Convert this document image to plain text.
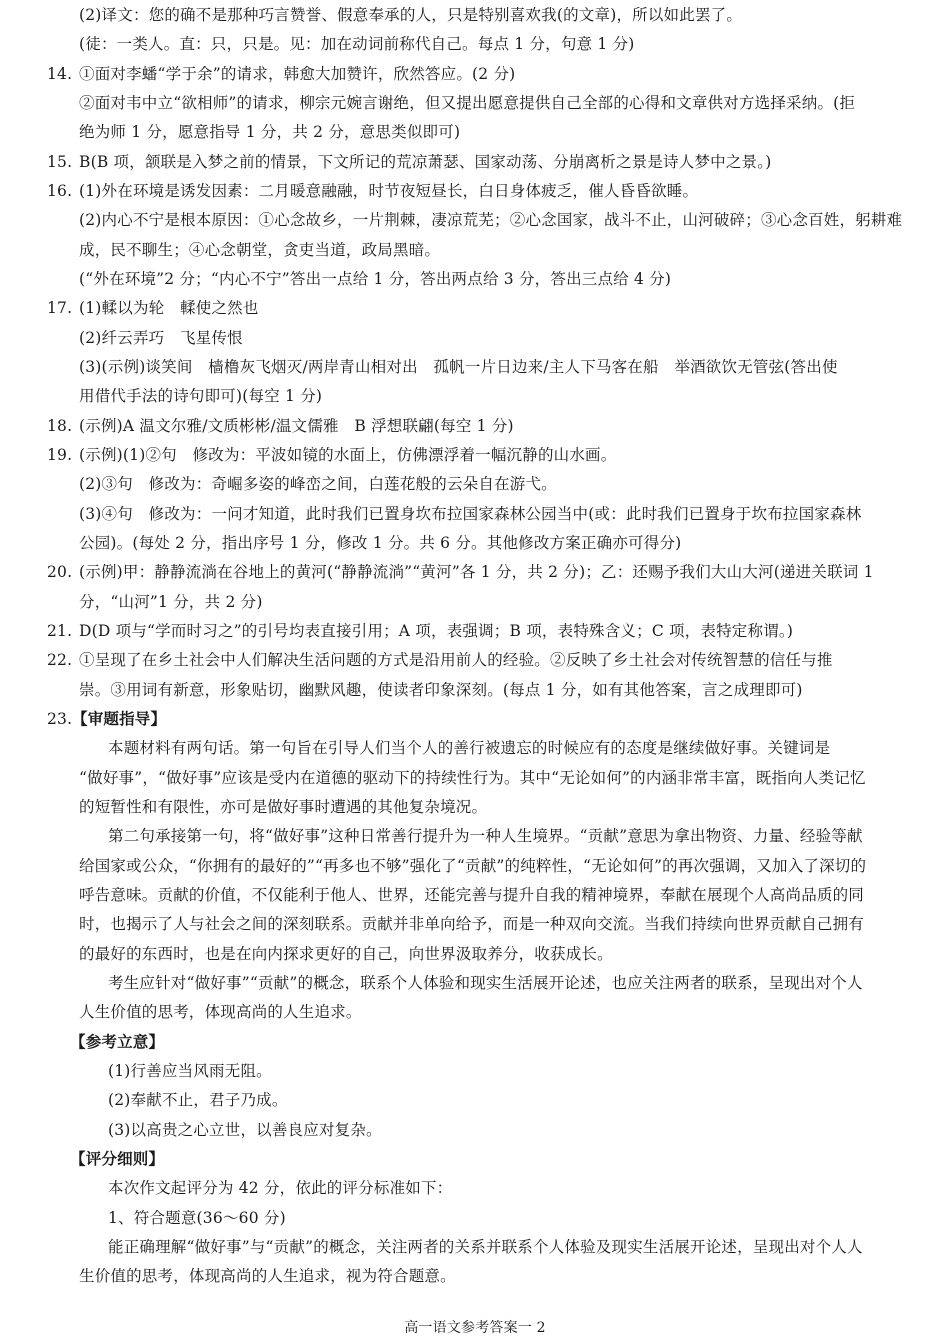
(2)译文：您的确不是那种巧言赞誉、假意奉承的人，只是特别喜欢我(的文章)，所以如此罢了。
(徒：一类人。直：只，只是。见：加在动词前称代自己。每点 1 分，句意 1 分)
14. ①面对李蟠“学于余”的请求，韩愈大加赞许，欣然答应。(2 分)
②面对韦中立“欲相师”的请求，柳宗元婉言谢绝，但又提出愿意提供自己全部的心得和文章供对方选择采纳。(拒
绝为师 1 分，愿意指导 1 分，共 2 分，意思类似即可)
15. B(B 项，颔联是入梦之前的情景，下文所记的荒凉萧瑟、国家动荡、分崩离析之景是诗人梦中之景。)
16. (1)外在环境是诱发因素：二月暖意融融，时节夜短昼长，白日身体疲乏，催人昏昏欲睡。
(2)内心不宁是根本原因：①心念故乡，一片荆棘，凄凉荒芜；②心念国家，战斗不止，山河破碎；③心念百姓，躬耕难
成，民不聊生；④心念朝堂，贪吏当道，政局黑暗。
(“外在环境”2 分；“内心不宁”答出一点给 1 分，答出两点给 3 分，答出三点给 4 分)
17. (1)輮以为轮　輮使之然也
(2)纤云弄巧　飞星传恨
(3)(示例)谈笑间　樯橹灰飞烟灭/两岸青山相对出　孤帆一片日边来/主人下马客在船　举酒欲饮无管弦(答出使
用借代手法的诗句即可)(每空 1 分)
18. (示例)A 温文尔雅/文质彬彬/温文儒雅　B 浮想联翩(每空 1 分)
19. (示例)(1)②句　修改为：平波如镜的水面上，仿佛漂浮着一幅沉静的山水画。
(2)③句　修改为：奇崛多姿的峰峦之间，白莲花般的云朵自在游弋。
(3)④句　修改为：一问才知道，此时我们已置身坎布拉国家森林公园当中(或：此时我们已置身于坎布拉国家森林
公园)。(每处 2 分，指出序号 1 分，修改 1 分。共 6 分。其他修改方案正确亦可得分)
20. (示例)甲：静静流淌在谷地上的黄河(“静静流淌”“黄河”各 1 分，共 2 分)；乙：还赐予我们大山大河(递进关联词 1
分，“山河”1 分，共 2 分)
21. D(D 项与“学而时习之”的引号均表直接引用；A 项，表强调；B 项，表特殊含义；C 项，表特定称谓。)
22. ①呈现了在乡土社会中人们解决生活问题的方式是沿用前人的经验。②反映了乡土社会对传统智慧的信任与推
崇。③用词有新意，形象贴切，幽默风趣，使读者印象深刻。(每点 1 分，如有其他答案，言之成理即可)
23. 【审题指导】
本题材料有两句话。第一句旨在引导人们当个人的善行被遗忘的时候应有的态度是继续做好事。关键词是
“做好事”，“做好事”应该是受内在道德的驱动下的持续性行为。其中“无论如何”的内涵非常丰富，既指向人类记忆
的短暂性和有限性，亦可是做好事时遭遇的其他复杂境况。
第二句承接第一句，将“做好事”这种日常善行提升为一种人生境界。“贡献”意思为拿出物资、力量、经验等献
给国家或公众，“你拥有的最好的”“再多也不够”强化了“贡献”的纯粹性，“无论如何”的再次强调，又加入了深切的
呼告意味。贡献的价值，不仅能利于他人、世界，还能完善与提升自我的精神境界，奉献在展现个人高尚品质的同
时，也揭示了人与社会之间的深刻联系。贡献并非单向给予，而是一种双向交流。当我们持续向世界贡献自己拥有
的最好的东西时，也是在向内探求更好的自己，向世界汲取养分，收获成长。
考生应针对“做好事”“贡献”的概念，联系个人体验和现实生活展开论述，也应关注两者的联系，呈现出对个人
人生价值的思考，体现高尚的人生追求。
【参考立意】
(1)行善应当风雨无阻。
(2)奉献不止，君子乃成。
(3)以高贵之心立世，以善良应对复杂。
【评分细则】
本次作文起评分为 42 分，依此的评分标准如下：
1、符合题意(36～60 分)
能正确理解“做好事”与“贡献”的概念，关注两者的关系并联系个人体验及现实生活展开论述，呈现出对个人人
生价值的思考，体现高尚的人生追求，视为符合题意。
高一语文参考答案一 2
